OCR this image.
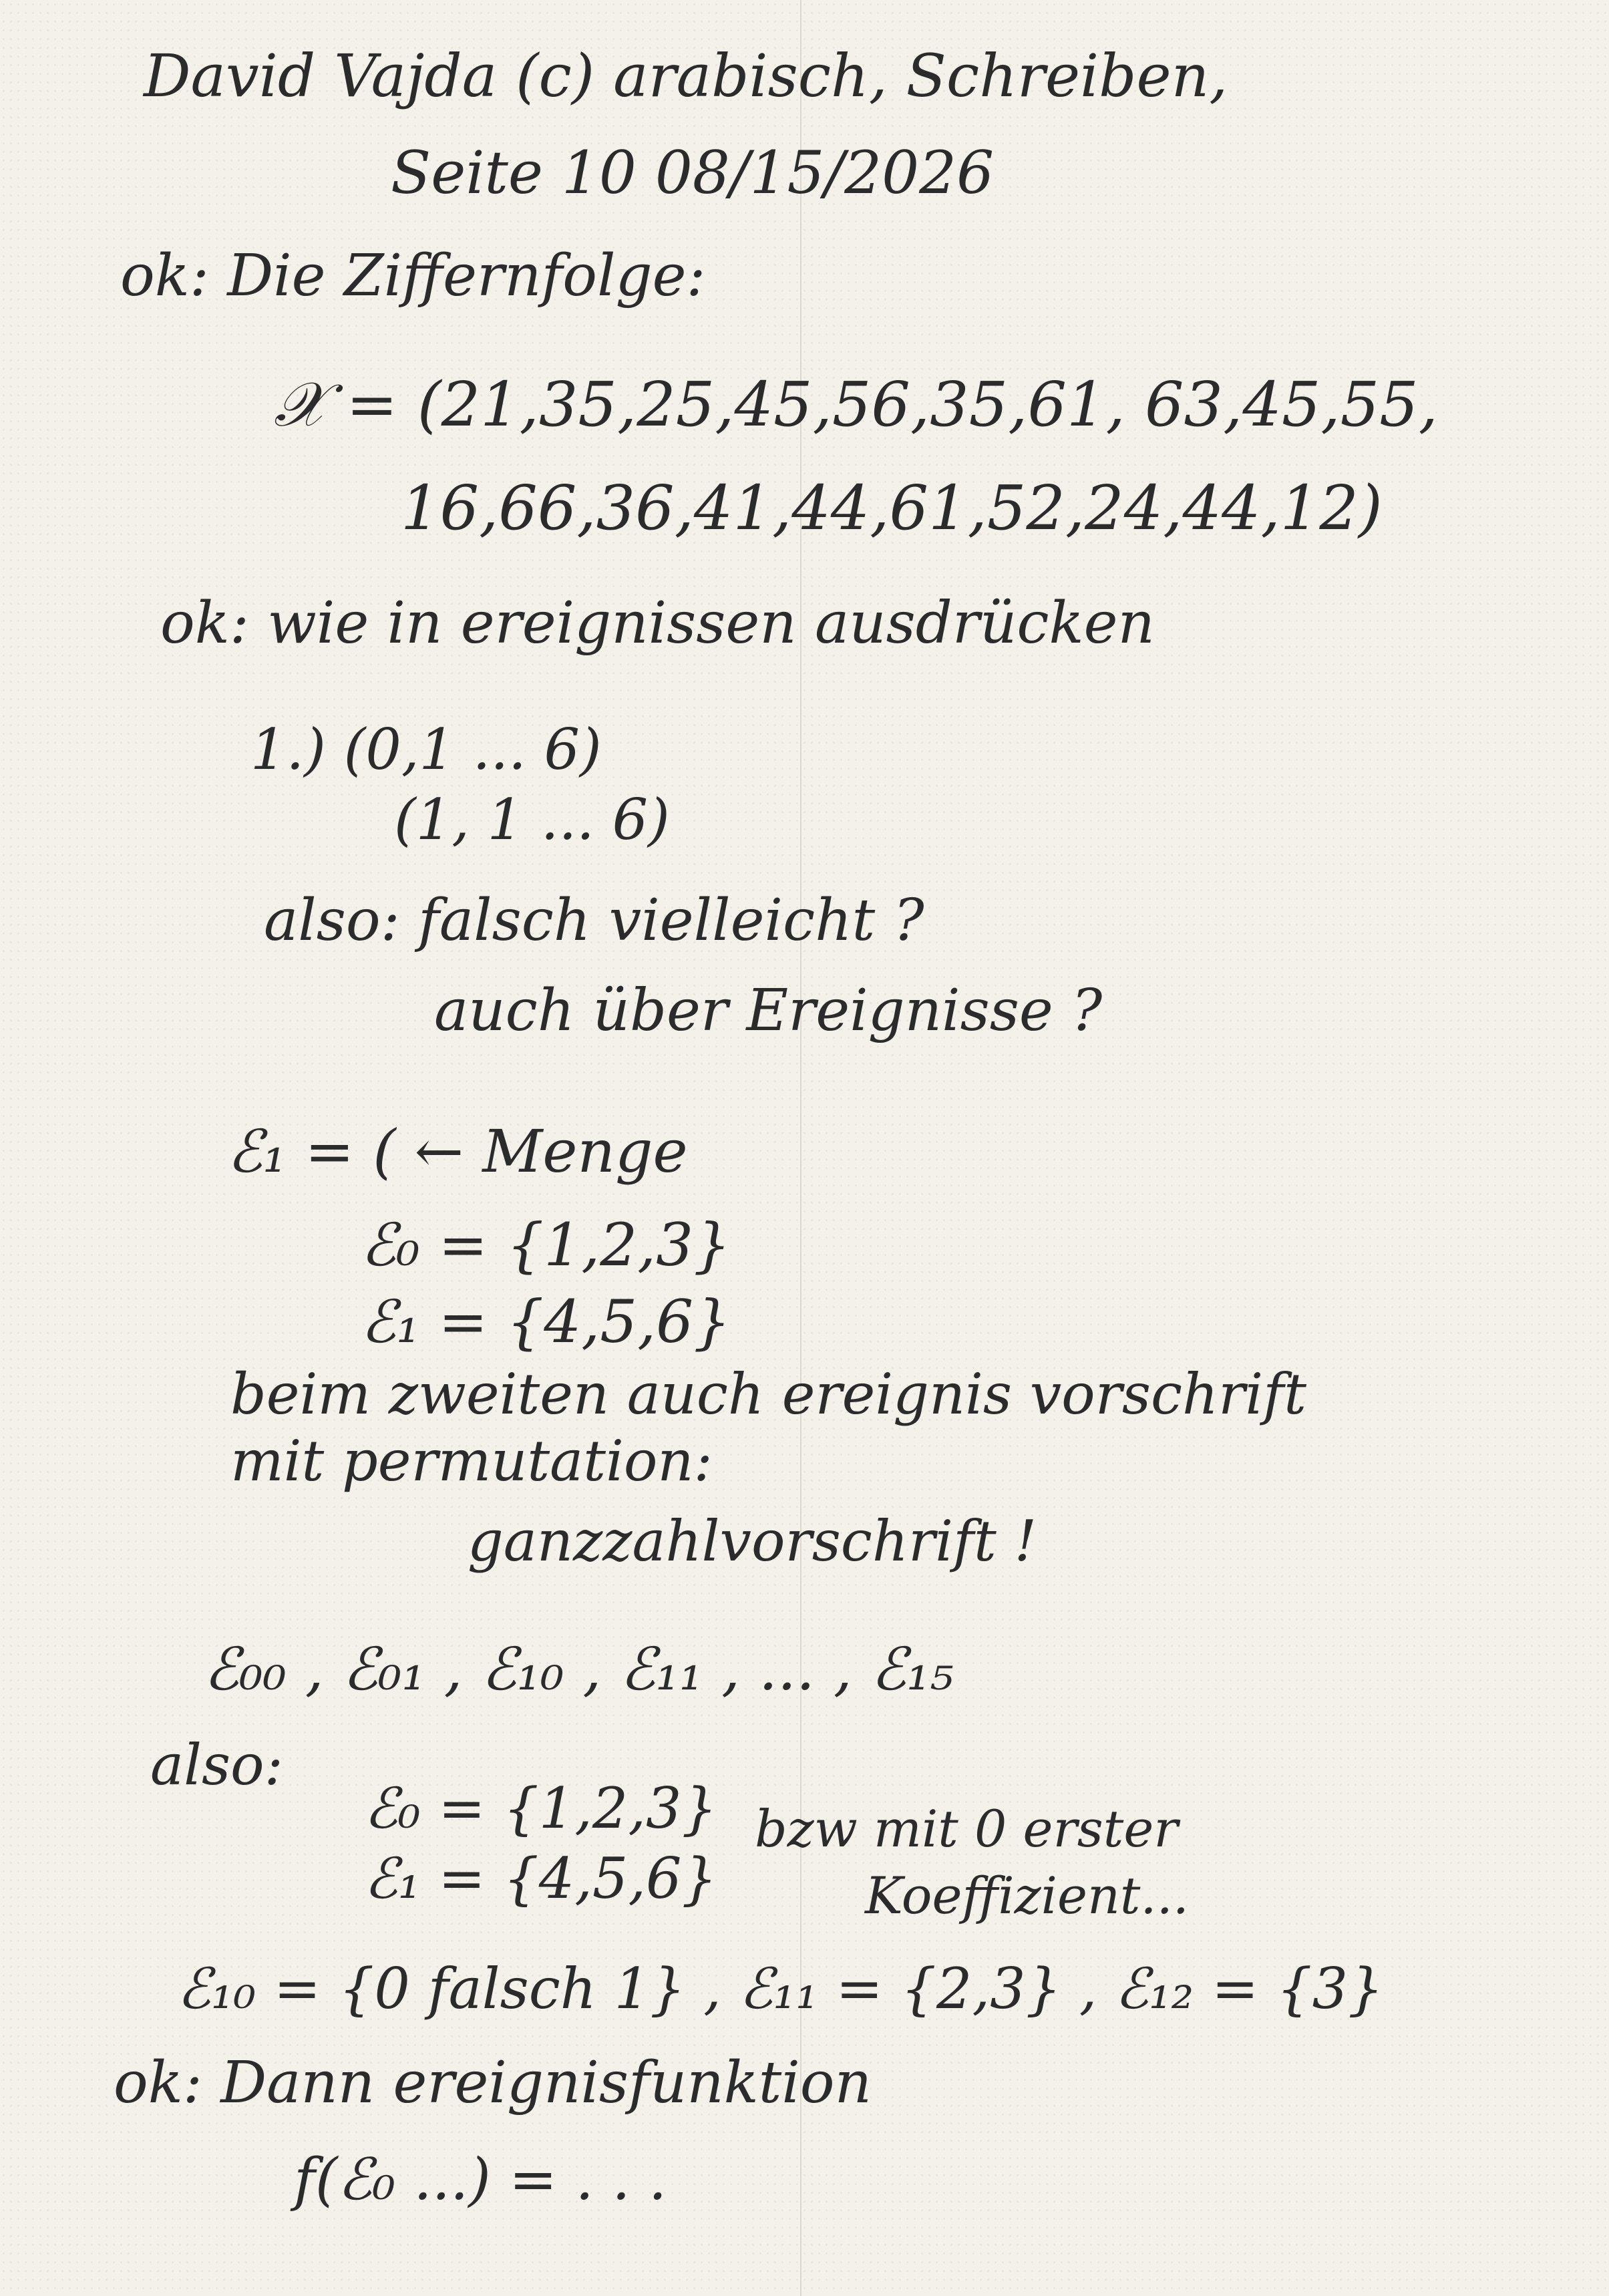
David Vajda (c) arabisch, Schreiben,
Seite 10 08/15/2026
ok: Die Ziffernfolge:
𝒳 = (21,35,25,45,56,35,61, 63,45,55,
16,66,36,41,44,61,52,24,44,12)
ok: wie in ereignissen ausdrücken
1.) (0,1 ... 6)
(1, 1 ... 6)
also: falsch vielleicht ?
auch über Ereignisse ?
ℰ₁ = ( ← Menge
ℰ₀ = {1,2,3}
ℰ₁ = {4,5,6}
beim zweiten auch ereignis vorschrift
mit permutation:
ganzzahlvorschrift !
ℰ₀₀ , ℰ₀₁ , ℰ₁₀ , ℰ₁₁ , ... , ℰ₁₅
also:
ℰ₀ = {1,2,3} bzw mit 0 erster
ℰ₁ = {4,5,6}	Koeffizient...
ℰ₁₀ = {0 falsch 1} , ℰ₁₁ = {2,3} , ℰ₁₂ = {3}
ok: Dann ereignisfunktion
f(ℰ₀ ...) = . . .
